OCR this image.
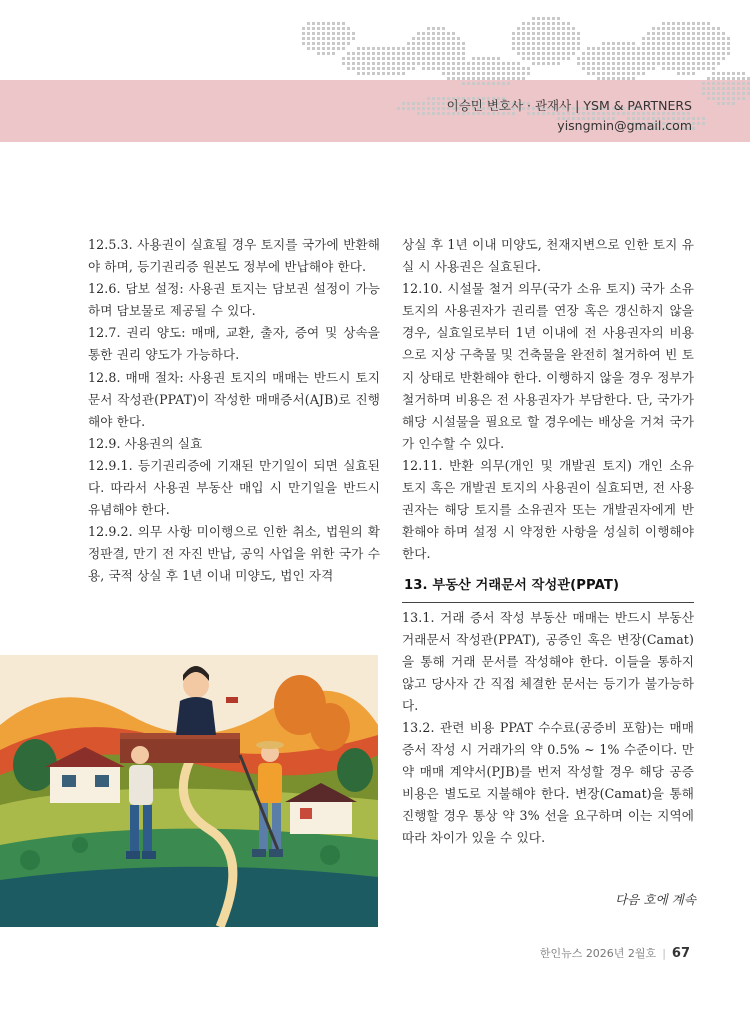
이승민 변호사 · 관재사 | YSM & PARTNERS
yisngmin@gmail.com

12.5.3. 사용권이 실효될 경우 토지를 국가에 반환해야 하며, 등기권리증 원본도 정부에 반납해야 한다.

12.6. 담보 설정: 사용권 토지는 담보권 설정이 가능하며 담보물로 제공될 수 있다.

12.7. 권리 양도: 매매, 교환, 출자, 증여 및 상속을 통한 권리 양도가 가능하다.

12.8. 매매 절차: 사용권 토지의 매매는 반드시 토지문서 작성관(PPAT)이 작성한 매매증서(AJB)로 진행해야 한다.

12.9. 사용권의 실효

12.9.1. 등기권리증에 기재된 만기일이 되면 실효된다. 따라서 사용권 부동산 매입 시 만기일을 반드시 유념해야 한다.

12.9.2. 의무 사항 미이행으로 인한 취소, 법원의 확정판결, 만기 전 자진 반납, 공익 사업을 위한 국가 수용, 국적 상실 후 1년 이내 미양도, 법인 자격

상실 후 1년 이내 미양도, 천재지변으로 인한 토지 유실 시 사용권은 실효된다.

12.10. 시설물 철거 의무(국가 소유 토지) 국가 소유 토지의 사용권자가 권리를 연장 혹은 갱신하지 않을 경우, 실효일로부터 1년 이내에 전 사용권자의 비용으로 지상 구축물 및 건축물을 완전히 철거하여 빈 토지 상태로 반환해야 한다. 이행하지 않을 경우 정부가 철거하며 비용은 전 사용권자가 부담한다. 단, 국가가 해당 시설물을 필요로 할 경우에는 배상을 거쳐 국가가 인수할 수 있다.

12.11. 반환 의무(개인 및 개발권 토지) 개인 소유 토지 혹은 개발권 토지의 사용권이 실효되면, 전 사용권자는 해당 토지를 소유권자 또는 개발권자에게 반환해야 하며 설정 시 약정한 사항을 성실히 이행해야 한다.

13. 부동산 거래문서 작성관(PPAT)

13.1. 거래 증서 작성 부동산 매매는 반드시 부동산 거래문서 작성관(PPAT), 공증인 혹은 변장(Camat)을 통해 거래 문서를 작성해야 한다. 이들을 통하지 않고 당사자 간 직접 체결한 문서는 등기가 불가능하다.

13.2. 관련 비용 PPAT 수수료(공증비 포함)는 매매 증서 작성 시 거래가의 약 0.5% ~ 1% 수준이다. 만약 매매 계약서(PJB)를 번저 작성할 경우 해당 공증 비용은 별도로 지불해야 한다. 변장(Camat)을 통해 진행할 경우 통상 약 3% 선을 요구하며 이는 지역에 따라 차이가 있을 수 있다.

다음 호에 계속
한인뉴스 2026년 2월호 | 67
